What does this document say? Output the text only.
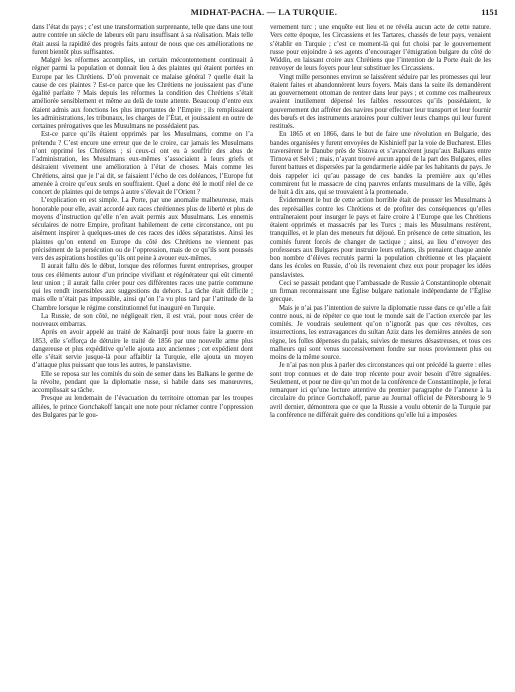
MIDHAT-PACHA. — LA TURQUIE.	1151

dans l’état du pays ; c’est une transformation surprenante, telle que dans une tout autre contrée un siècle de labeurs eût paru insuffisant à sa réalisation. Mais telle était aussi la rapidité des progrès faits autour de nous que ces améliorations ne furent bientôt plus suffisantes.

Malgré les réformes accomplies, un certain mécontentement continuait à régner parmi la population et donnait lieu à des plaintes qui étaient portées en Europe par les Chrétiens. D’où provenait ce malaise général ? quelle était la cause de ces plaintes ? Est-ce parce que les Chrétiens ne jouissaient pas d’une égalité parfaite ? Mais depuis les réformes la condition des Chrétiens s’était améliorée sensiblement et même au delà de toute attente. Beaucoup d’entre eux étaient admis aux fonctions les plus importantes de l’Empire ; ils remplissaient les administrations, les tribunaux, les charges de l’État, et jouissaient en outre de certaines prérogatives que les Musulmans ne possédaient pas.

Est-ce parce qu’ils étaient opprimés par les Musulmans, comme on l’a prétendu ? C’est encore une erreur que de le croire, car jamais les Musulmans n’ont opprimé les Chrétiens ; si ceux-ci ont eu à souffrir des abus de l’administration, les Musulmans eux-mêmes s’associaient à leurs griefs et désiraient vivement une amélioration à l’état de choses. Mais comme les Chrétiens, ainsi que je l’ai dit, se faisaient l’écho de ces doléances, l’Europe fut amenée à croire qu’eux seuls en souffraient. Quel a donc été le motif réel de ce concert de plaintes qui de temps à autre s’élevait de l’Orient ?

L’explication en est simple. La Porte, par une anomalie malheureuse, mais honorable pour elle, avait accordé aux races chrétiennes plus de liberté et plus de moyens d’instruction qu’elle n’en avait permis aux Musulmans. Les ennemis séculaires de notre Empire, profitant habilement de cette circonstance, ont pu aisément inspirer à quelques-unes de ces races des idées séparatistes. Ainsi les plaintes qu’on entend en Europe du côté des Chrétiens ne viennent pas précisément de la persécution ou de l’oppression, mais de ce qu’ils sont poussés vers des aspirations hostiles qu’ils ont peine à avouer eux-mêmes.

Il aurait fallu dès le début, lorsque des réformes furent entreprises, grouper tous ces éléments autour d’un principe vivifiant et régénérateur qui eût cimenté leur union ; il aurait fallu créer pour ces différentes races une patrie commune qui les rendît insensibles aux suggestions du dehors. La tâche était difficile ; mais elle n’était pas impossible, ainsi qu’on l’a vu plus tard par l’attitude de la Chambre lorsque le régime constitutionnel fut inauguré en Turquie.

La Russie, de son côté, ne négligeait rien, il est vrai, pour nous créer de nouveaux embarras.

Après en avoir appelé au traité de Kaïnardji pour nous faire la guerre en 1853, elle s’efforça de détruire le traité de 1856 par une nouvelle arme plus dangereuse et plus expéditive qu’elle ajouta aux anciennes ; cet expédient dont elle s’était servie jusque-là pour affaiblir la Turquie, elle ajouta un moyen d’attaque plus puissant que tous les autres, le panslavisme.

Elle se reposa sur les comités du soin de semer dans les Balkans le germe de la révolte, pendant que la diplomatie russe, si habile dans ses manœuvres, accomplissait sa tâche.

Presque au lendemain de l’évacuation du territoire ottoman par les troupes alliées, le prince Gortchakoff lançait une note pour réclamer contre l’oppression des Bulgares par le gou-

vernement turc ; une enquête eut lieu et ne révéla aucun acte de cette nature. Vers cette époque, les Circassiens et les Tartares, chassés de leur pays, venaient s’établir en Turquie ; c’est ce moment-là qui fut choisi par le gouvernement russe pour enjoindre à ses agents d’encourager l’émigration bulgare du côté de Widdin, en laissant croire aux Chrétiens que l’intention de la Porte était de les renvoyer de leurs foyers pour leur substituer les Circassiens.

Vingt mille personnes environ se laissèrent séduire par les promesses qui leur étaient faites et abandonnèrent leurs foyers. Mais dans la suite ils demandèrent au gouvernement ottoman de rentrer dans leur pays ; et comme ces malheureux avaient inutilement dépensé les faibles ressources qu’ils possédaient, le gouvernement dut affréter des navires pour effectuer leur transport et leur fournir des bœufs et des instruments aratoires pour cultiver leurs champs qui leur furent restitués.

En 1865 et en 1866, dans le but de faire une révolution en Bulgarie, des bandes organisées y furent envoyées de Kishinieff par la voie de Bucharest. Elles traversèrent le Danube près de Sistova et s’avancèrent jusqu’aux Balkans entre Tirnova et Selvi ; mais, n’ayant trouvé aucun appui de la part des Bulgares, elles furent battues et dispersées par la gendarmerie aidée par les habitants du pays. Je dois rappeler ici qu’au passage de ces bandes la première aux qu’elles commirent fut le massacre de cinq pauvres enfants musulmans de la ville, âgés de huit à dix ans, qui se trouvaient à la promenade.

Évidemment le but de cette action horrible était de pousser les Musulmans à des représailles contre les Chrétiens et de profiter des conséquences qu’elles entraîneraient pour insurger le pays et faire croire à l’Europe que les Chrétiens étaient opprimés et massacrés par les Turcs ; mais les Musulmans restèrent, tranquilles, et le plan des meneurs fut déjoué. En présence de cette situation, les comités furent forcés de changer de tactique ; ainsi, au lieu d’envoyer des professeurs aux Bulgares pour instruire leurs enfants, ils prenaient chaque année bon nombre d’élèves recrutés parmi la population chrétienne et les plaçaient dans les écoles en Russie, d’où ils revenaient chez eux pour propager les idées panslavistes.

Ceci se passait pendant que l’ambassade de Russie à Constantinople obtenait un firman reconnaissant une Église bulgare nationale indépendante de l’Église grecque.

Mais je n’ai pas l’intention de suivre la diplomatie russe dans ce qu’elle a fait contre nous, ni de répéter ce que tout le monde sait de l’action exercée par les comités. Je voudrais seulement qu’on n’ignorât pas que ces révoltes, ces insurrections, les extravagances du sultan Aziz dans les dernières années de son règne, les folles dépenses du palais, suivies de mesures désastreuses, et tous ces malheurs qui sont venus successivement fondre sur nous proviennent plus ou moins de la même source.

Je n’ai pas non plus à parler des circonstances qui ont précédé la guerre : elles sont trop connues et de date trop récente pour avoir besoin d’être signalées. Seulement, et pour ne dire qu’un mot de la conférence de Constantinople, je ferai remarquer ici qu’une lecture attentive du premier paragraphe de l’annexe à la circulaire du prince Gortchakoff, parue au Journal officiel de Pétersbourg le 9 avril dernier, démontrera que ce que la Russie a voulu obtenir de la Turquie par la conférence ne différait guère des conditions qu’elle lui a imposées
